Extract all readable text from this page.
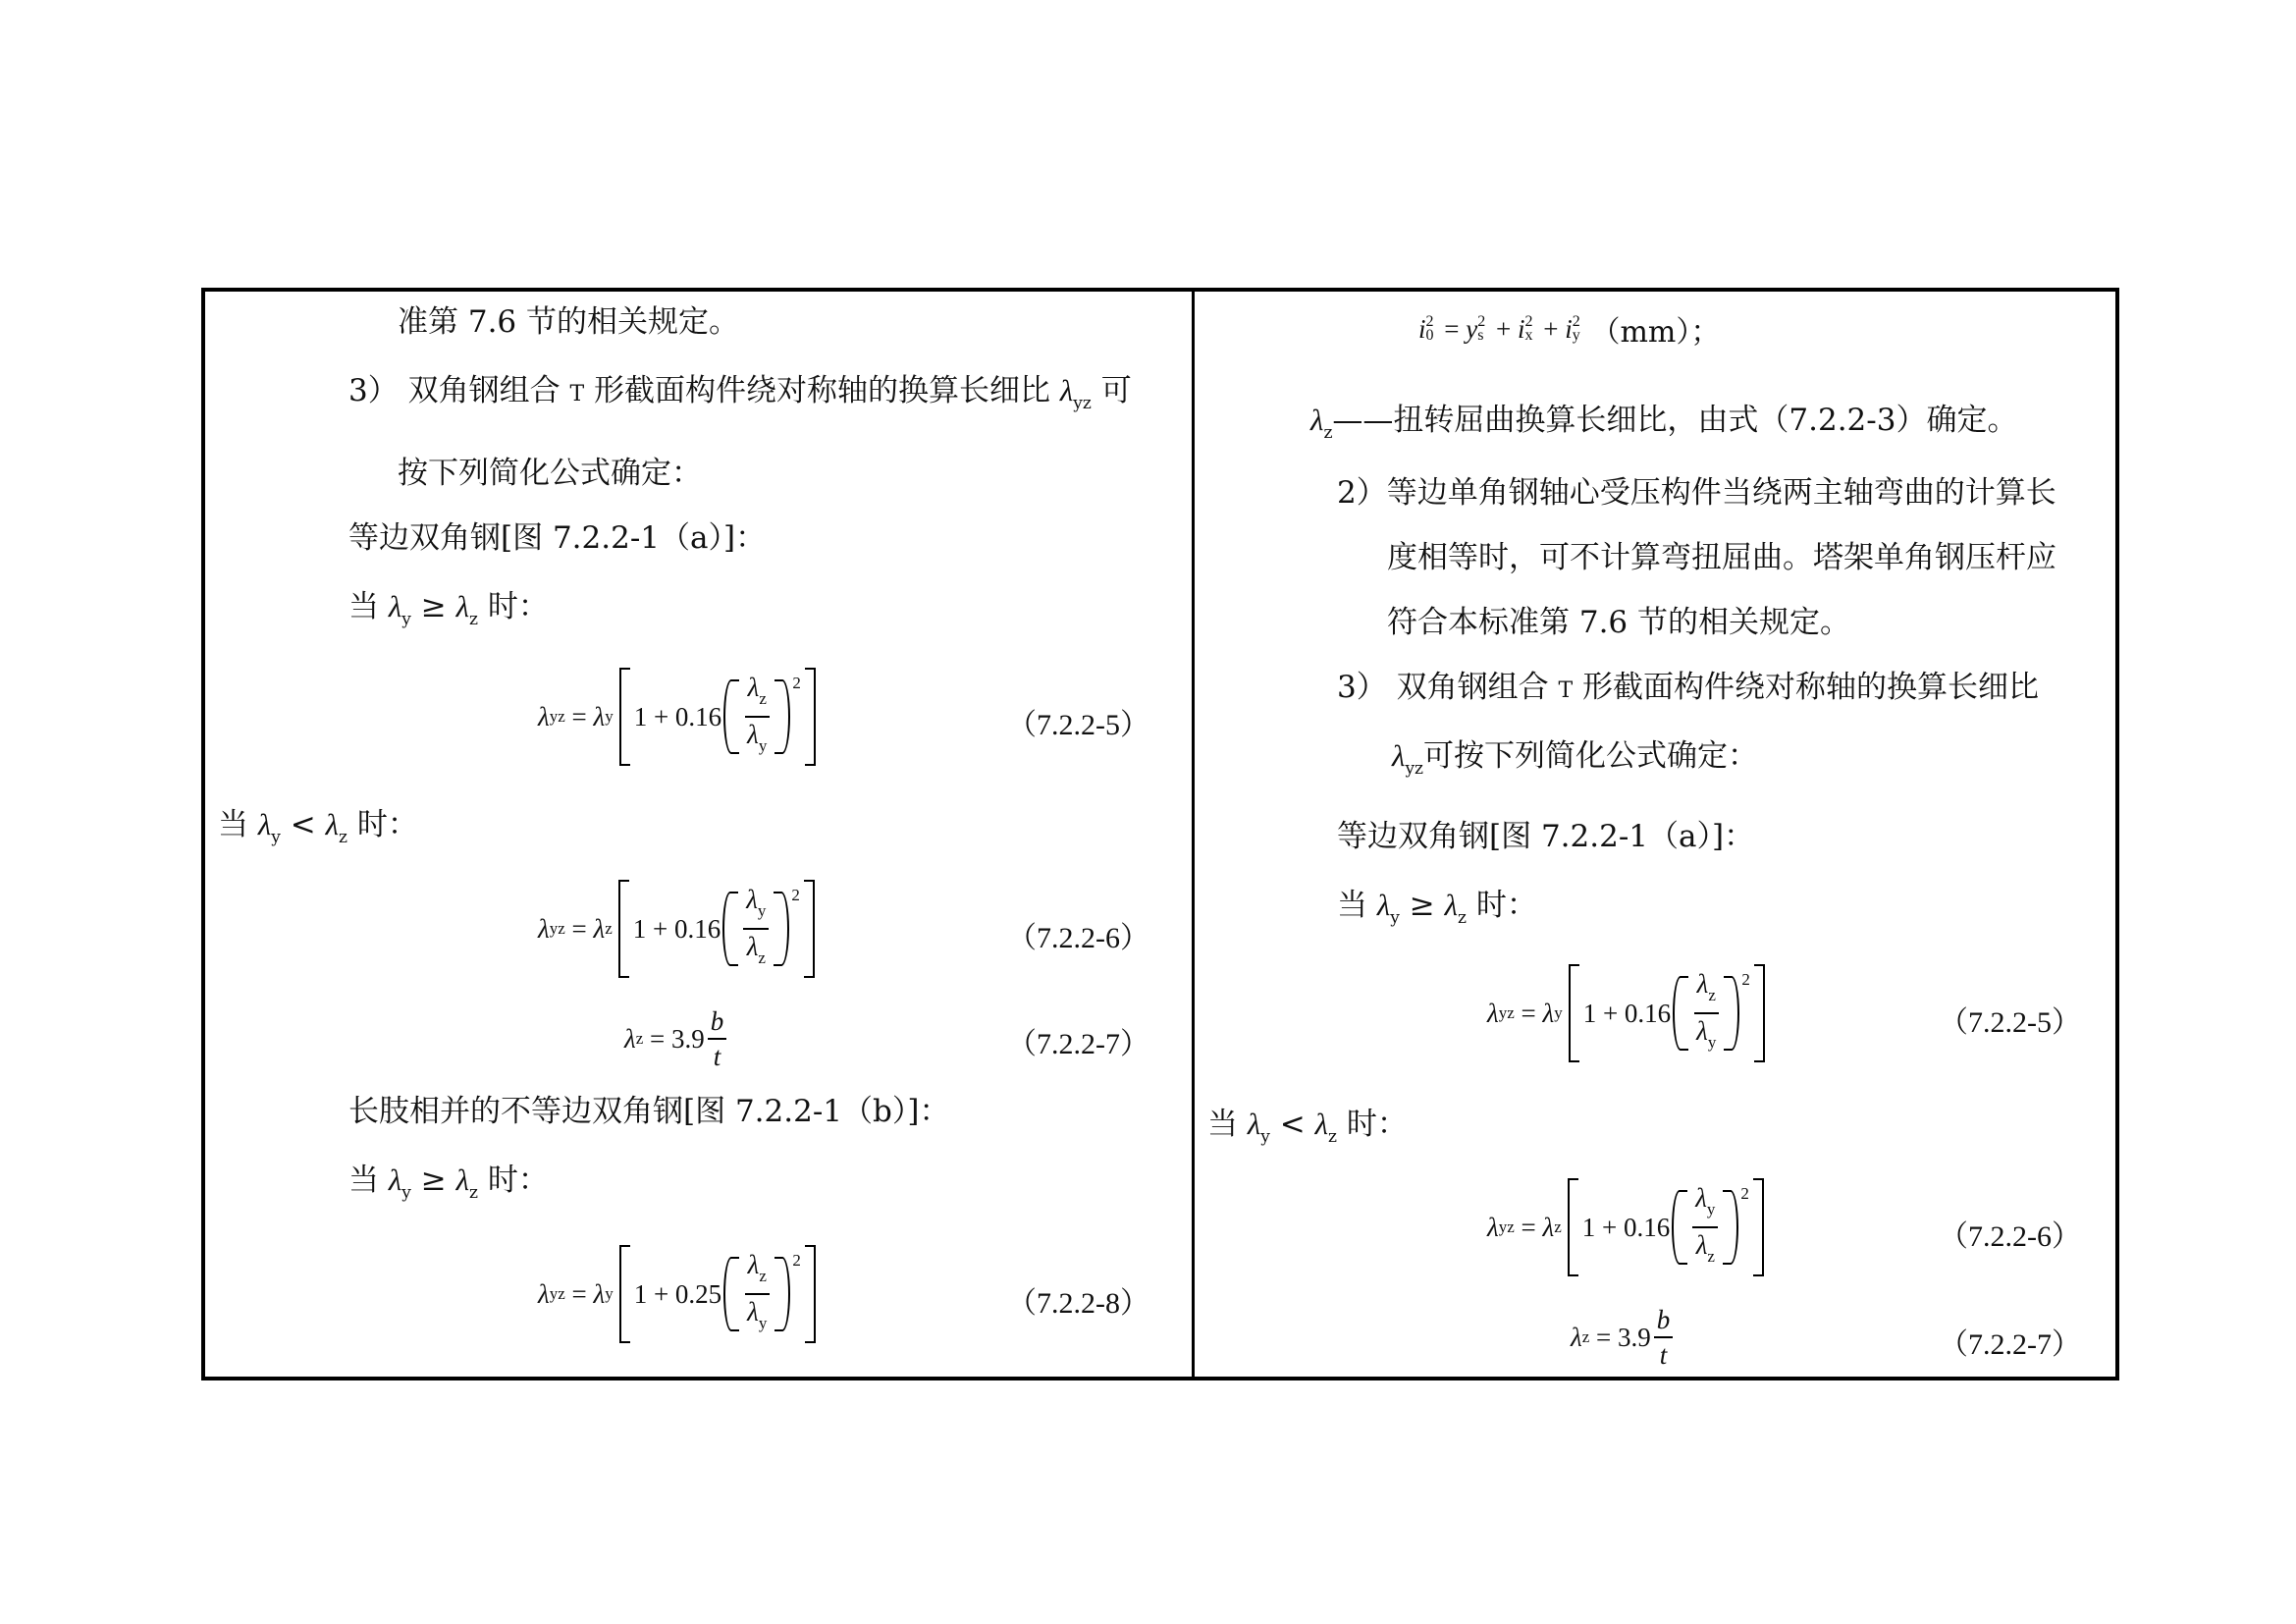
准第 7.6 节的相关规定。
3） 双角钢组合 T 形截面构件绕对称轴的换算长细比 $\lambda_{yz}$ 可
按下列简化公式确定：
等边双角钢[图 7.2.2-1（a）]：
当 $\lambda_y \ge \lambda_z$ 时：
λ yz
=
λ y $1 + 0.16 \frac{\lambda_z}{\lambda_y} 2$
（7.2.2-5）
当 $\lambda_y < \lambda_z$ 时：
λ yz
=
λ z $1 + 0.16 \frac{\lambda_y}{\lambda_z} 2$
（7.2.2-6）
λ z
=
$3.9 \frac{b}{t}$	（7.2.2-7）
长肢相并的不等边双角钢[图 7.2.2-1（b）]：
当 $\lambda_y \ge \lambda_z$ 时：
λ yz
=
λ y $1 + 0.25 \frac{\lambda_z}{\lambda_y} 2$
（7.2.2-8）
i 2
0
=
y 2
s
+
i 2
x
+
i 2
y
（mm）；
$\lambda_z——$扭转屈曲换算长细比，由式（7.2.2-3）确定。
2）等边单角钢轴心受压构件当绕两主轴弯曲的计算长
度相等时，可不计算弯扭屈曲。塔架单角钢压杆应
符合本标准第 7.6 节的相关规定。
3） 双角钢组合 T 形截面构件绕对称轴的换算长细比
$\lambda_{yz}$可按下列简化公式确定：
等边双角钢[图 7.2.2-1（a）]：
当 $\lambda_y \ge \lambda_z$ 时：
λ yz
=
λ y $1 + 0.16 \frac{\lambda_z}{\lambda_y} 2$
（7.2.2-5）
当 $\lambda_y < \lambda_z$ 时：
λ yz
=
λ z $1 + 0.16 \frac{\lambda_y}{\lambda_z} 2$
（7.2.2-6）
λ z
=
$3.9 \frac{b}{t}$	（7.2.2-7）
